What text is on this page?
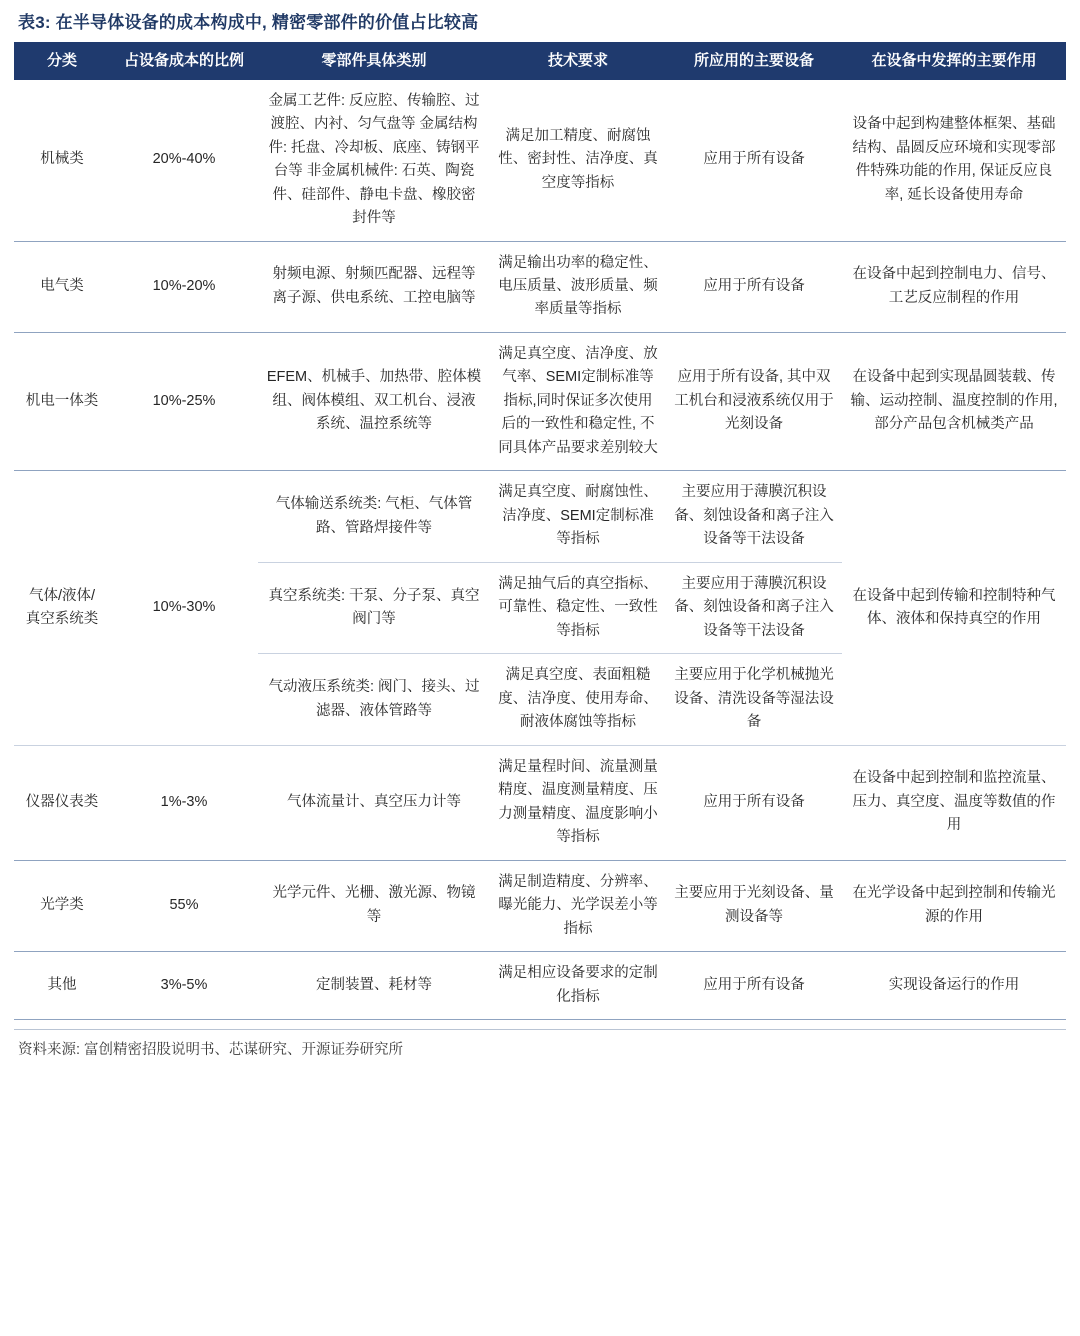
表3: 在半导体设备的成本构成中, 精密零部件的价值占比较高
分类	占设备成本的比例	零部件具体类别	技术要求	所应用的主要设备	在设备中发挥的主要作用
机械类	20%-40%	金属工艺件: 反应腔、传输腔、过渡腔、内衬、匀气盘等 金属结构件: 托盘、冷却板、底座、铸钢平台等 非金属机械件: 石英、陶瓷件、硅部件、静电卡盘、橡胶密封件等	满足加工精度、耐腐蚀性、密封性、洁净度、真空度等指标	应用于所有设备	设备中起到构建整体框架、基础结构、晶圆反应环境和实现零部件特殊功能的作用, 保证反应良率, 延长设备使用寿命
电气类	10%-20%	射频电源、射频匹配器、远程等离子源、供电系统、工控电脑等	满足输出功率的稳定性、电压质量、波形质量、频率质量等指标	应用于所有设备	在设备中起到控制电力、信号、工艺反应制程的作用
机电一体类	10%-25%	EFEM、机械手、加热带、腔体模组、阀体模组、双工机台、浸液系统、温控系统等	满足真空度、洁净度、放气率、SEMI定制标准等指标,同时保证多次使用后的一致性和稳定性, 不同具体产品要求差别较大	应用于所有设备, 其中双工机台和浸液系统仅用于光刻设备	在设备中起到实现晶圆装载、传输、运动控制、温度控制的作用, 部分产品包含机械类产品
气体/液体/真空系统类	10%-30%	气体输送系统类: 气柜、气体管路、管路焊接件等	满足真空度、耐腐蚀性、洁净度、SEMI定制标准等指标	主要应用于薄膜沉积设备、刻蚀设备和离子注入设备等干法设备	在设备中起到传输和控制特种气体、液体和保持真空的作用
		真空系统类: 干泵、分子泵、真空阀门等	满足抽气后的真空指标、可靠性、稳定性、一致性等指标	主要应用于薄膜沉积设备、刻蚀设备和离子注入设备等干法设备	
		气动液压系统类: 阀门、接头、过滤器、液体管路等	满足真空度、表面粗糙度、洁净度、使用寿命、耐液体腐蚀等指标	主要应用于化学机械抛光设备、清洗设备等湿法设备	
仪器仪表类	1%-3%	气体流量计、真空压力计等	满足量程时间、流量测量精度、温度测量精度、压力测量精度、温度影响小等指标	应用于所有设备	在设备中起到控制和监控流量、压力、真空度、温度等数值的作用
光学类	55%	光学元件、光栅、激光源、物镜等	满足制造精度、分辨率、曝光能力、光学误差小等指标	主要应用于光刻设备、量测设备等	在光学设备中起到控制和传输光源的作用
其他	3%-5%	定制装置、耗材等	满足相应设备要求的定制化指标	应用于所有设备	实现设备运行的作用
资料来源: 富创精密招股说明书、芯谋研究、开源证券研究所
